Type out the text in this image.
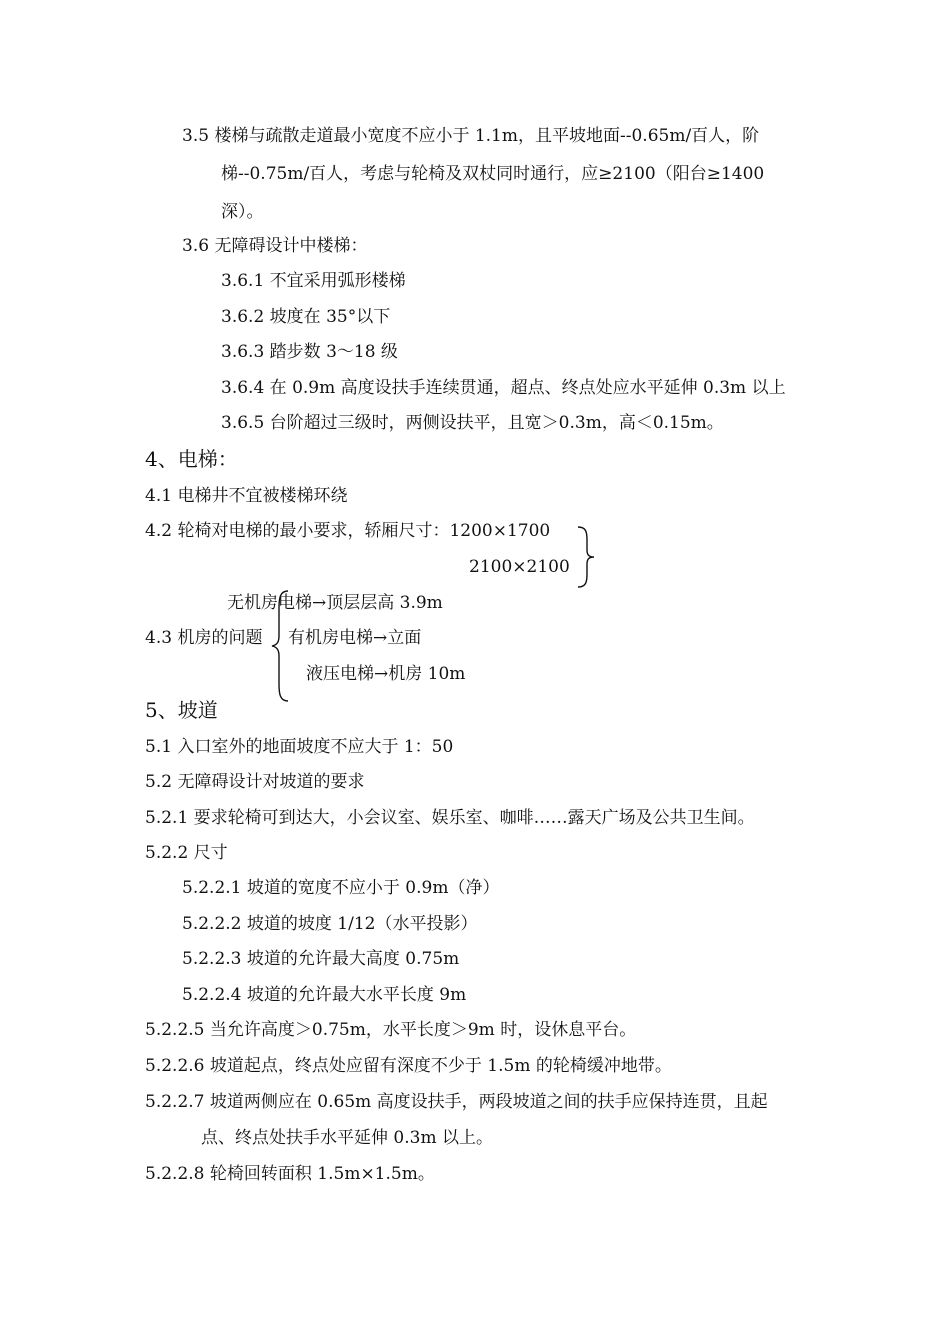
3.5 楼梯与疏散走道最小宽度不应小于 1.1m，且平坡地面--0.65m/百人，阶
梯--0.75m/百人，考虑与轮椅及双杖同时通行，应≥2100（阳台≥1400
深）。
3.6 无障碍设计中楼梯：
3.6.1 不宜采用弧形楼梯
3.6.2 坡度在 35°以下
3.6.3 踏步数 3～18 级
3.6.4 在 0.9m 高度设扶手连续贯通，超点、终点处应水平延伸 0.3m 以上
3.6.5 台阶超过三级时，两侧设扶平，且宽＞0.3m，高＜0.15m。
4、电梯：
4.1 电梯井不宜被楼梯环绕
4.2 轮椅对电梯的最小要求，轿厢尺寸：1200×1700
2100×2100
无机房电梯→顶层层高 3.9m
4.3 机房的问题 有机房电梯→立面
液压电梯→机房 10m
5、坡道
5.1 入口室外的地面坡度不应大于 1：50
5.2 无障碍设计对坡道的要求
5.2.1 要求轮椅可到达大，小会议室、娱乐室、咖啡……露天广场及公共卫生间。
5.2.2 尺寸
5.2.2.1 坡道的宽度不应小于 0.9m（净）
5.2.2.2 坡道的坡度 1/12（水平投影）
5.2.2.3 坡道的允许最大高度 0.75m
5.2.2.4 坡道的允许最大水平长度 9m
5.2.2.5 当允许高度＞0.75m，水平长度＞9m 时，设休息平台。
5.2.2.6 坡道起点，终点处应留有深度不少于 1.5m 的轮椅缓冲地带。
5.2.2.7 坡道两侧应在 0.65m 高度设扶手，两段坡道之间的扶手应保持连贯，且起
点、终点处扶手水平延伸 0.3m 以上。
5.2.2.8 轮椅回转面积 1.5m×1.5m。
